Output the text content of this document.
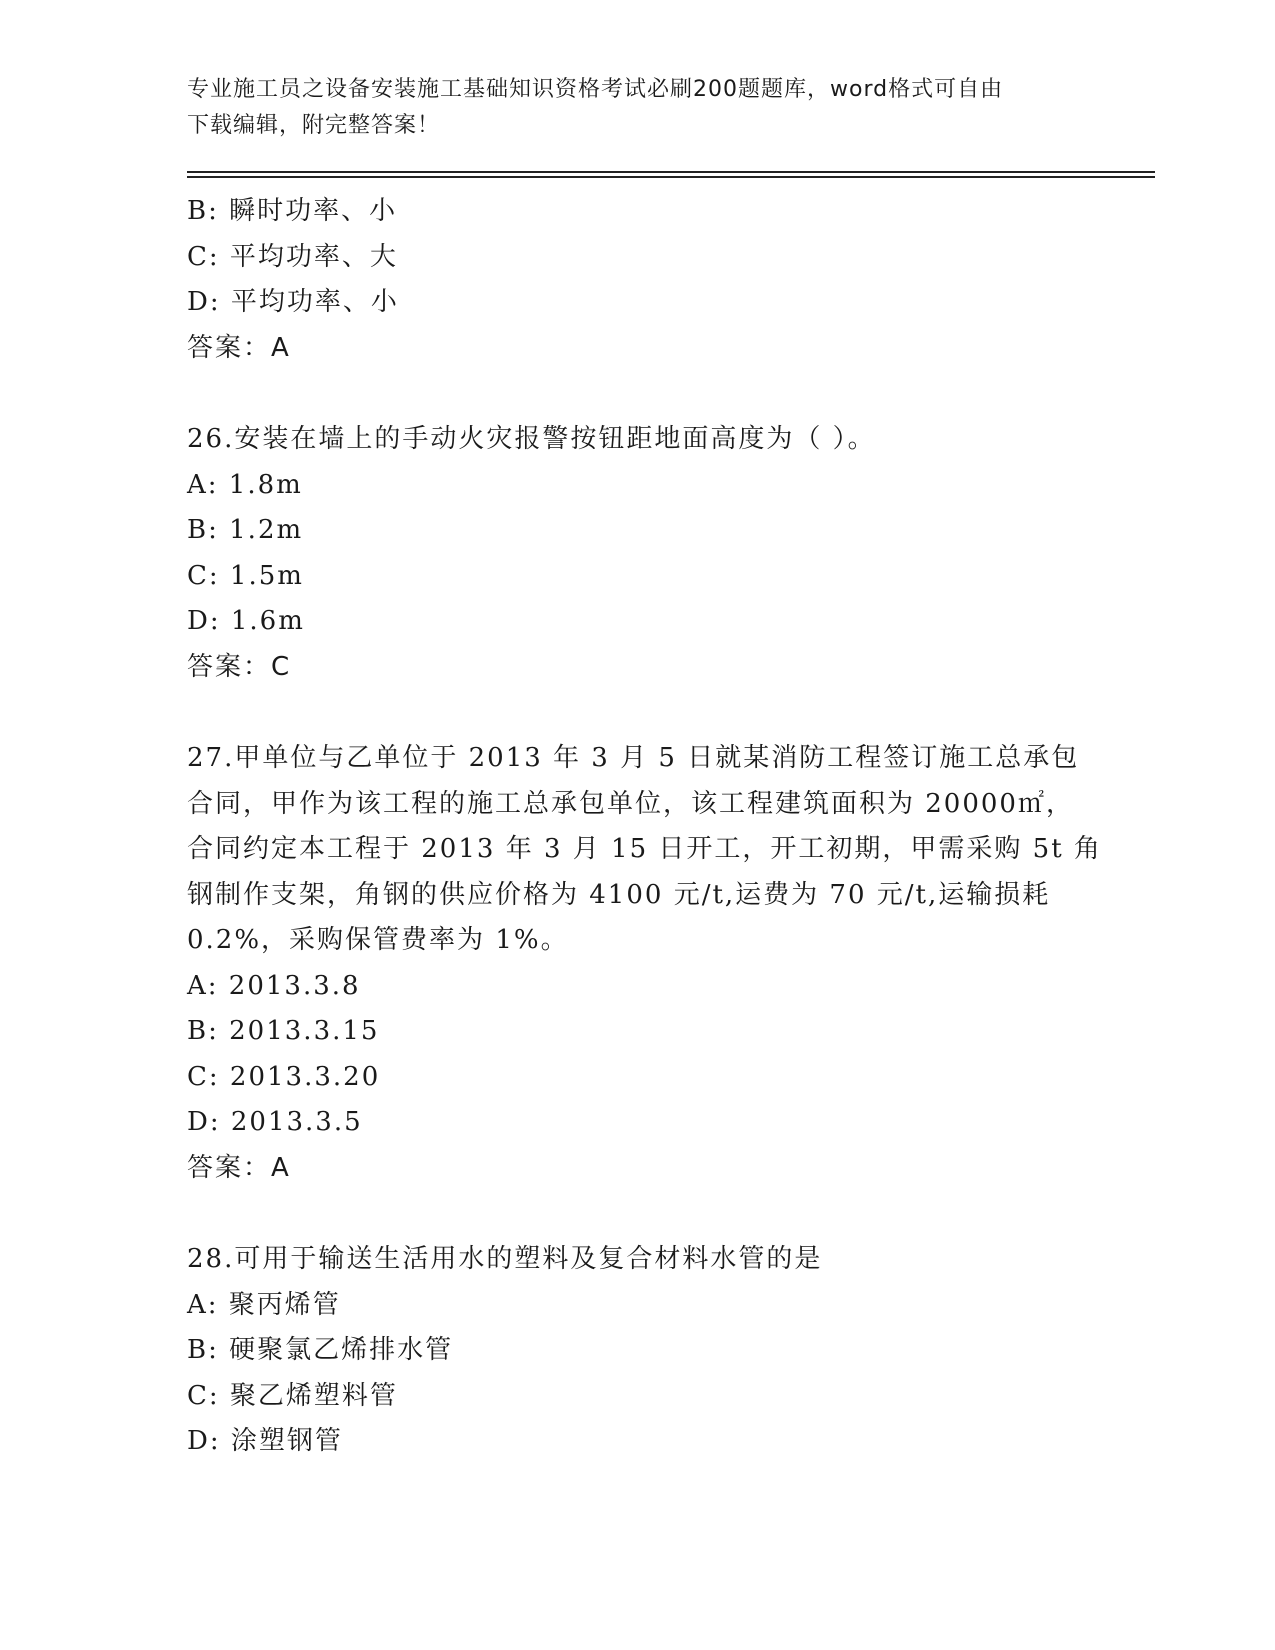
专业施工员之设备安装施工基础知识资格考试必刷200题题库，word格式可自由
下载编辑，附完整答案！
B: 瞬时功率、小
C: 平均功率、大
D: 平均功率、小
答案：A
26.安装在墙上的手动火灾报警按钮距地面高度为（ ）。
A: 1.8m
B: 1.2m
C: 1.5m
D: 1.6m
答案：C
27.甲单位与乙单位于 2013 年 3 月 5 日就某消防工程签订施工总承包
合同，甲作为该工程的施工总承包单位，该工程建筑面积为 20000㎡，
合同约定本工程于 2013 年 3 月 15 日开工，开工初期，甲需采购 5t 角
钢制作支架，角钢的供应价格为 4100 元/t,运费为 70 元/t,运输损耗
0.2%，采购保管费率为 1%。
A: 2013.3.8
B: 2013.3.15
C: 2013.3.20
D: 2013.3.5
答案：A
28.可用于输送生活用水的塑料及复合材料水管的是
A: 聚丙烯管
B: 硬聚氯乙烯排水管
C: 聚乙烯塑料管
D: 涂塑钢管
